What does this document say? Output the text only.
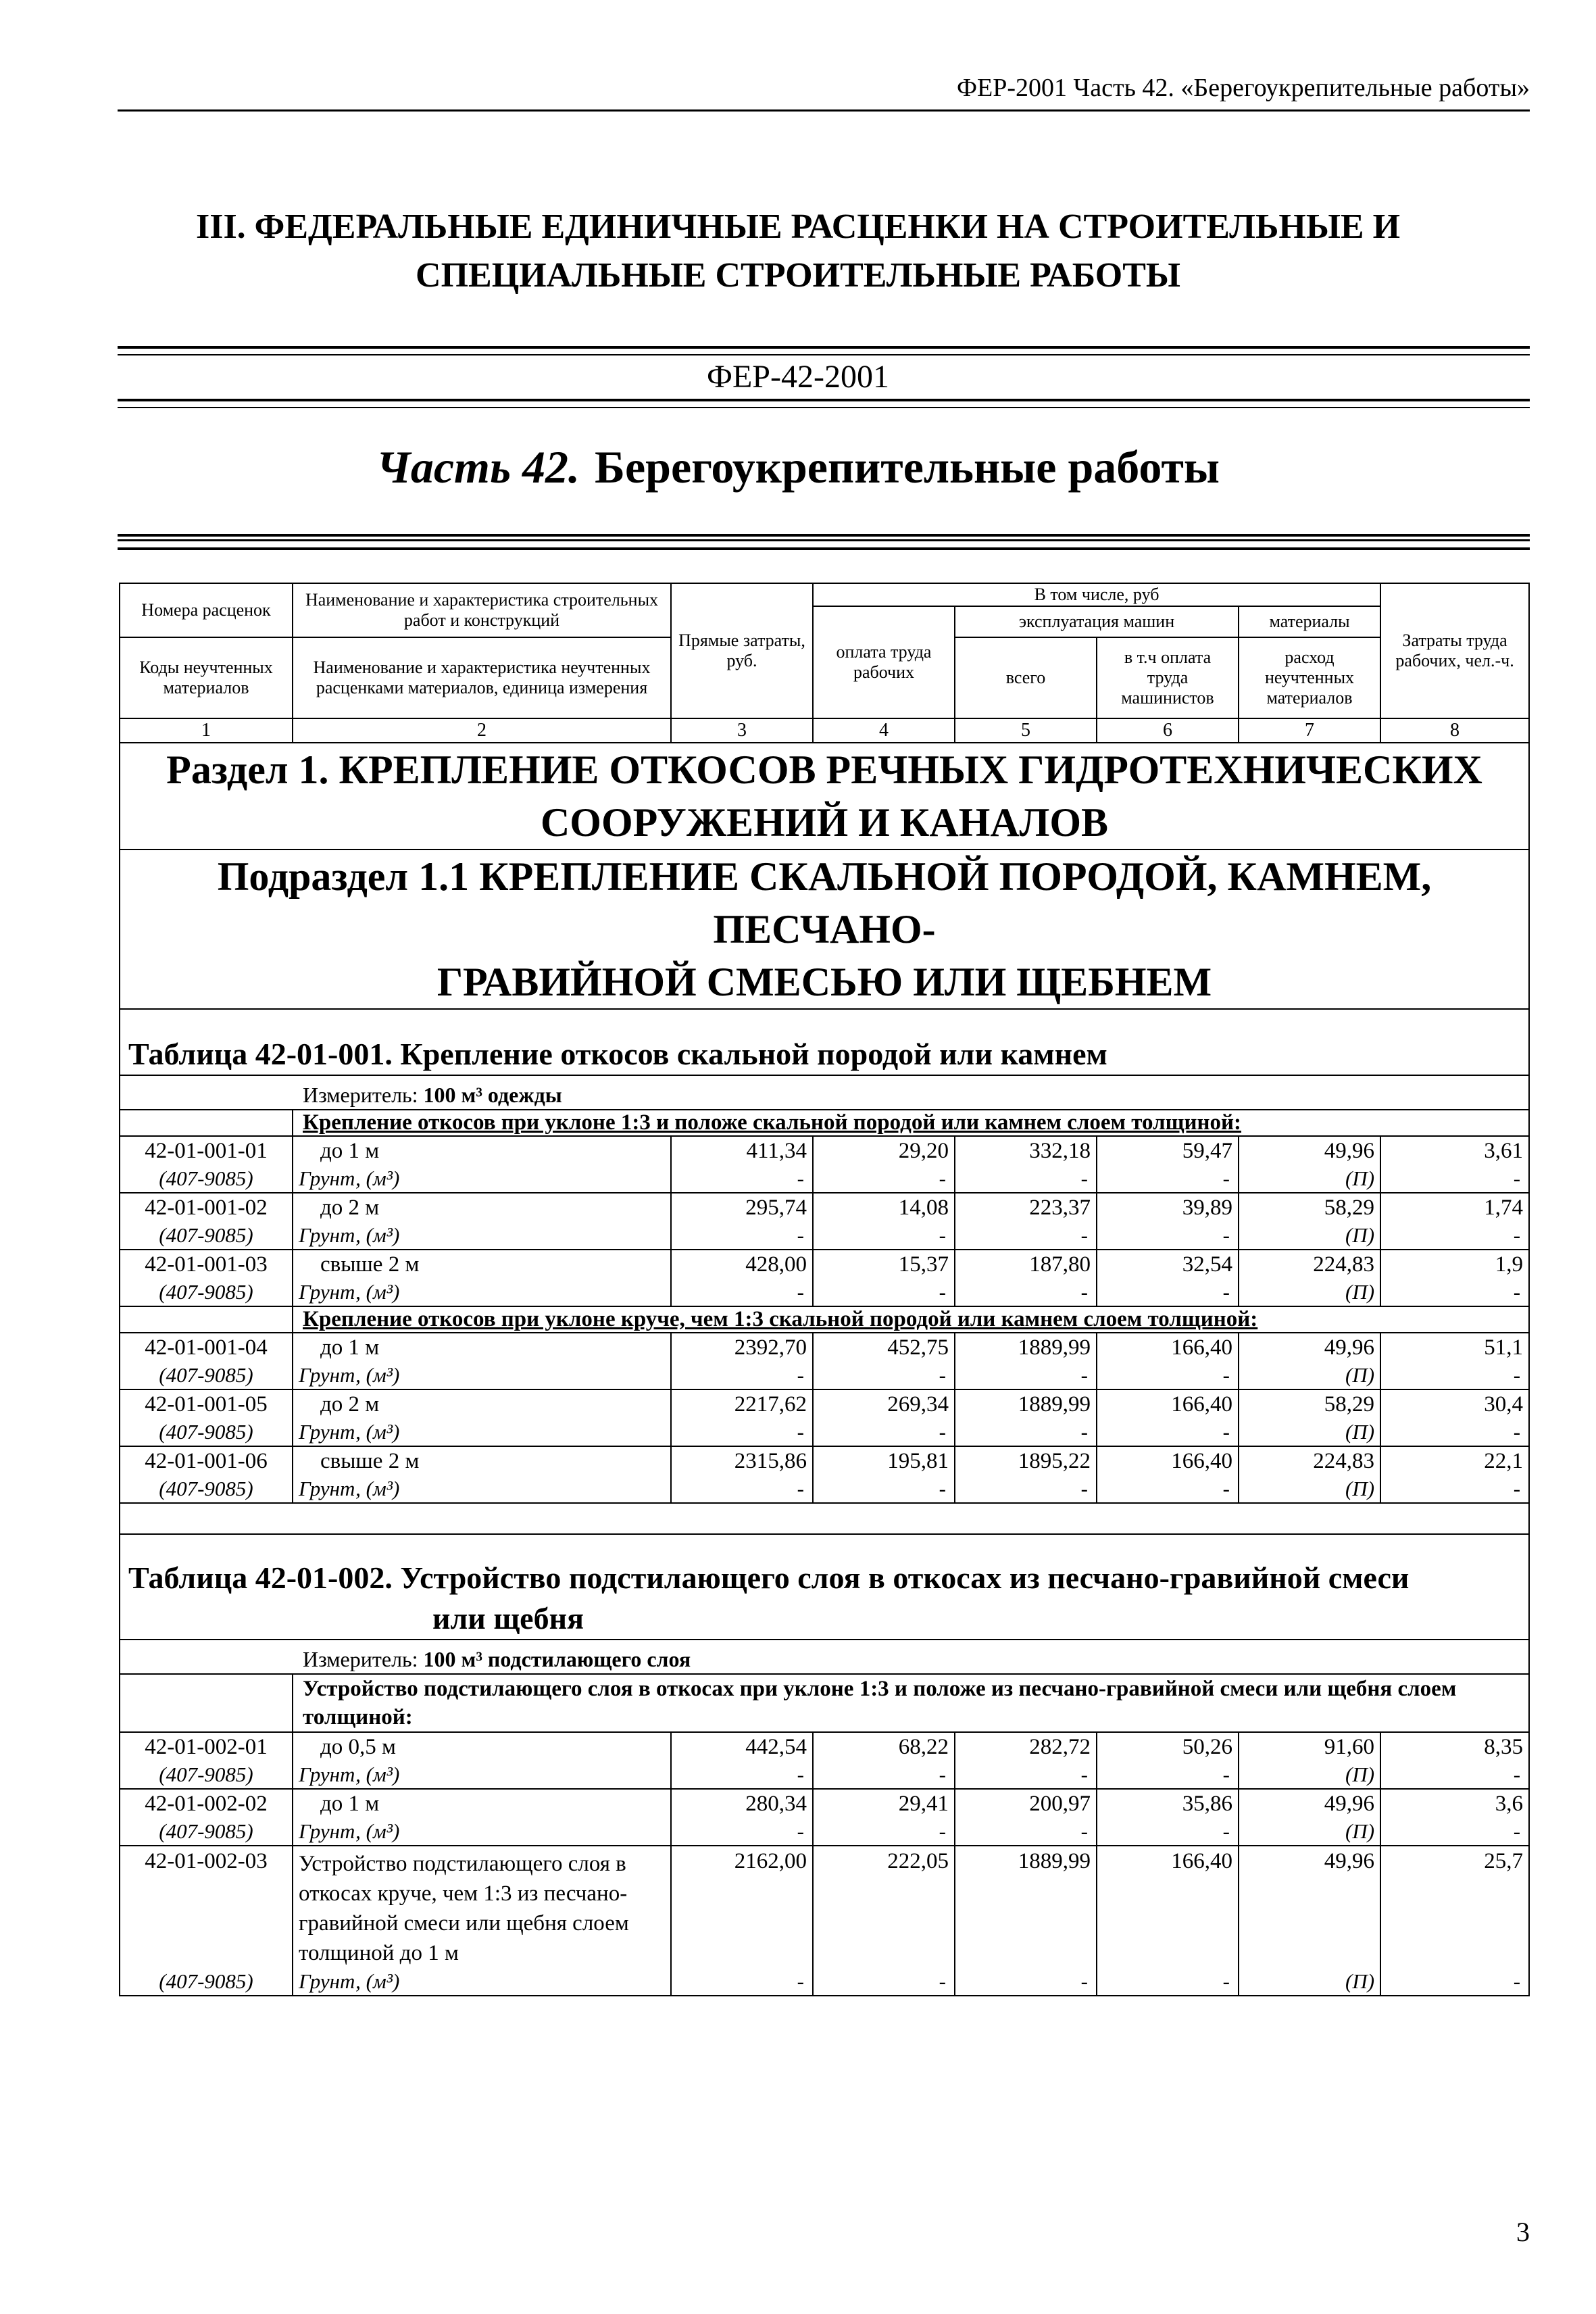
ФЕР-2001 Часть 42. «Берегоукрепительные работы»
III. ФЕДЕРАЛЬНЫЕ ЕДИНИЧНЫЕ РАСЦЕНКИ НА СТРОИТЕЛЬНЫЕ И
СПЕЦИАЛЬНЫЕ СТРОИТЕЛЬНЫЕ РАБОТЫ
ФЕР-42-2001
Часть 42. Берегоукрепительные работы
Номера расценок	Наименование и характеристика строительных работ и конструкций	Прямые затраты, руб.	В том числе, руб				Затраты труда рабочих, чел.-ч.
			оплата труда рабочих	эксплуатация машин		материалы	
Коды неучтенных материалов	Наименование и характеристика неучтенных расценками материалов, единица измерения			всего	в т.ч оплата труда машинистов	расход неучтенных материалов	

1	2	3	4	5	6	7	8

Раздел 1. КРЕПЛЕНИЕ ОТКОСОВ РЕЧНЫХ ГИДРОТЕХНИЧЕСКИХ
СООРУЖЕНИЙ И КАНАЛОВ							

Подраздел 1.1 КРЕПЛЕНИЕ СКАЛЬНОЙ ПОРОДОЙ, КАМНЕМ, ПЕСЧАНО-
ГРАВИЙНОЙ СМЕСЬЮ ИЛИ ЩЕБНЕМ							

Таблица 42-01-001. Крепление откосов скальной породой или камнем							
Измеритель: 100 м³ одежды							
	Крепление откосов при уклоне 1:3 и положе скальной породой или камнем слоем толщиной:						
42-01-001-01	до 1 м	411,34	29,20	332,18	59,47	49,96	3,61
(407-9085)	Грунт, (м³)	-	-	-	-	(П)	-
42-01-001-02	до 2 м	295,74	14,08	223,37	39,89	58,29	1,74
(407-9085)	Грунт, (м³)	-	-	-	-	(П)	-
42-01-001-03	свыше 2 м	428,00	15,37	187,80	32,54	224,83	1,9
(407-9085)	Грунт, (м³)	-	-	-	-	(П)	-
	Крепление откосов при уклоне круче, чем 1:3 скальной породой или камнем слоем толщиной:						
42-01-001-04	до 1 м	2392,70	452,75	1889,99	166,40	49,96	51,1
(407-9085)	Грунт, (м³)	-	-	-	-	(П)	-
42-01-001-05	до 2 м	2217,62	269,34	1889,99	166,40	58,29	30,4
(407-9085)	Грунт, (м³)	-	-	-	-	(П)	-
42-01-001-06	свыше 2 м	2315,86	195,81	1895,22	166,40	224,83	22,1
(407-9085)	Грунт, (м³)	-	-	-	-	(П)	-

Таблица 42-01-002. Устройство подстилающего слоя в откосах из песчано-гравийной смеси
или щебня							

Измеритель: 100 м³ подстилающего слоя							
	Устройство подстилающего слоя в откосах при уклоне 1:3 и положе из песчано-гравийной смеси или щебня слоем толщиной:						
42-01-002-01	до 0,5 м	442,54	68,22	282,72	50,26	91,60	8,35
(407-9085)	Грунт, (м³)	-	-	-	-	(П)	-
42-01-002-02	до 1 м	280,34	29,41	200,97	35,86	49,96	3,6
(407-9085)	Грунт, (м³)	-	-	-	-	(П)	-
42-01-002-03	Устройство подстилающего слоя в откосах круче, чем 1:3 из песчано-гравийной смеси или щебня слоем толщиной до 1 м	2162,00	222,05	1889,99	166,40	49,96	25,7
(407-9085)	Грунт, (м³)	-	-	-	-	(П)	-
3
